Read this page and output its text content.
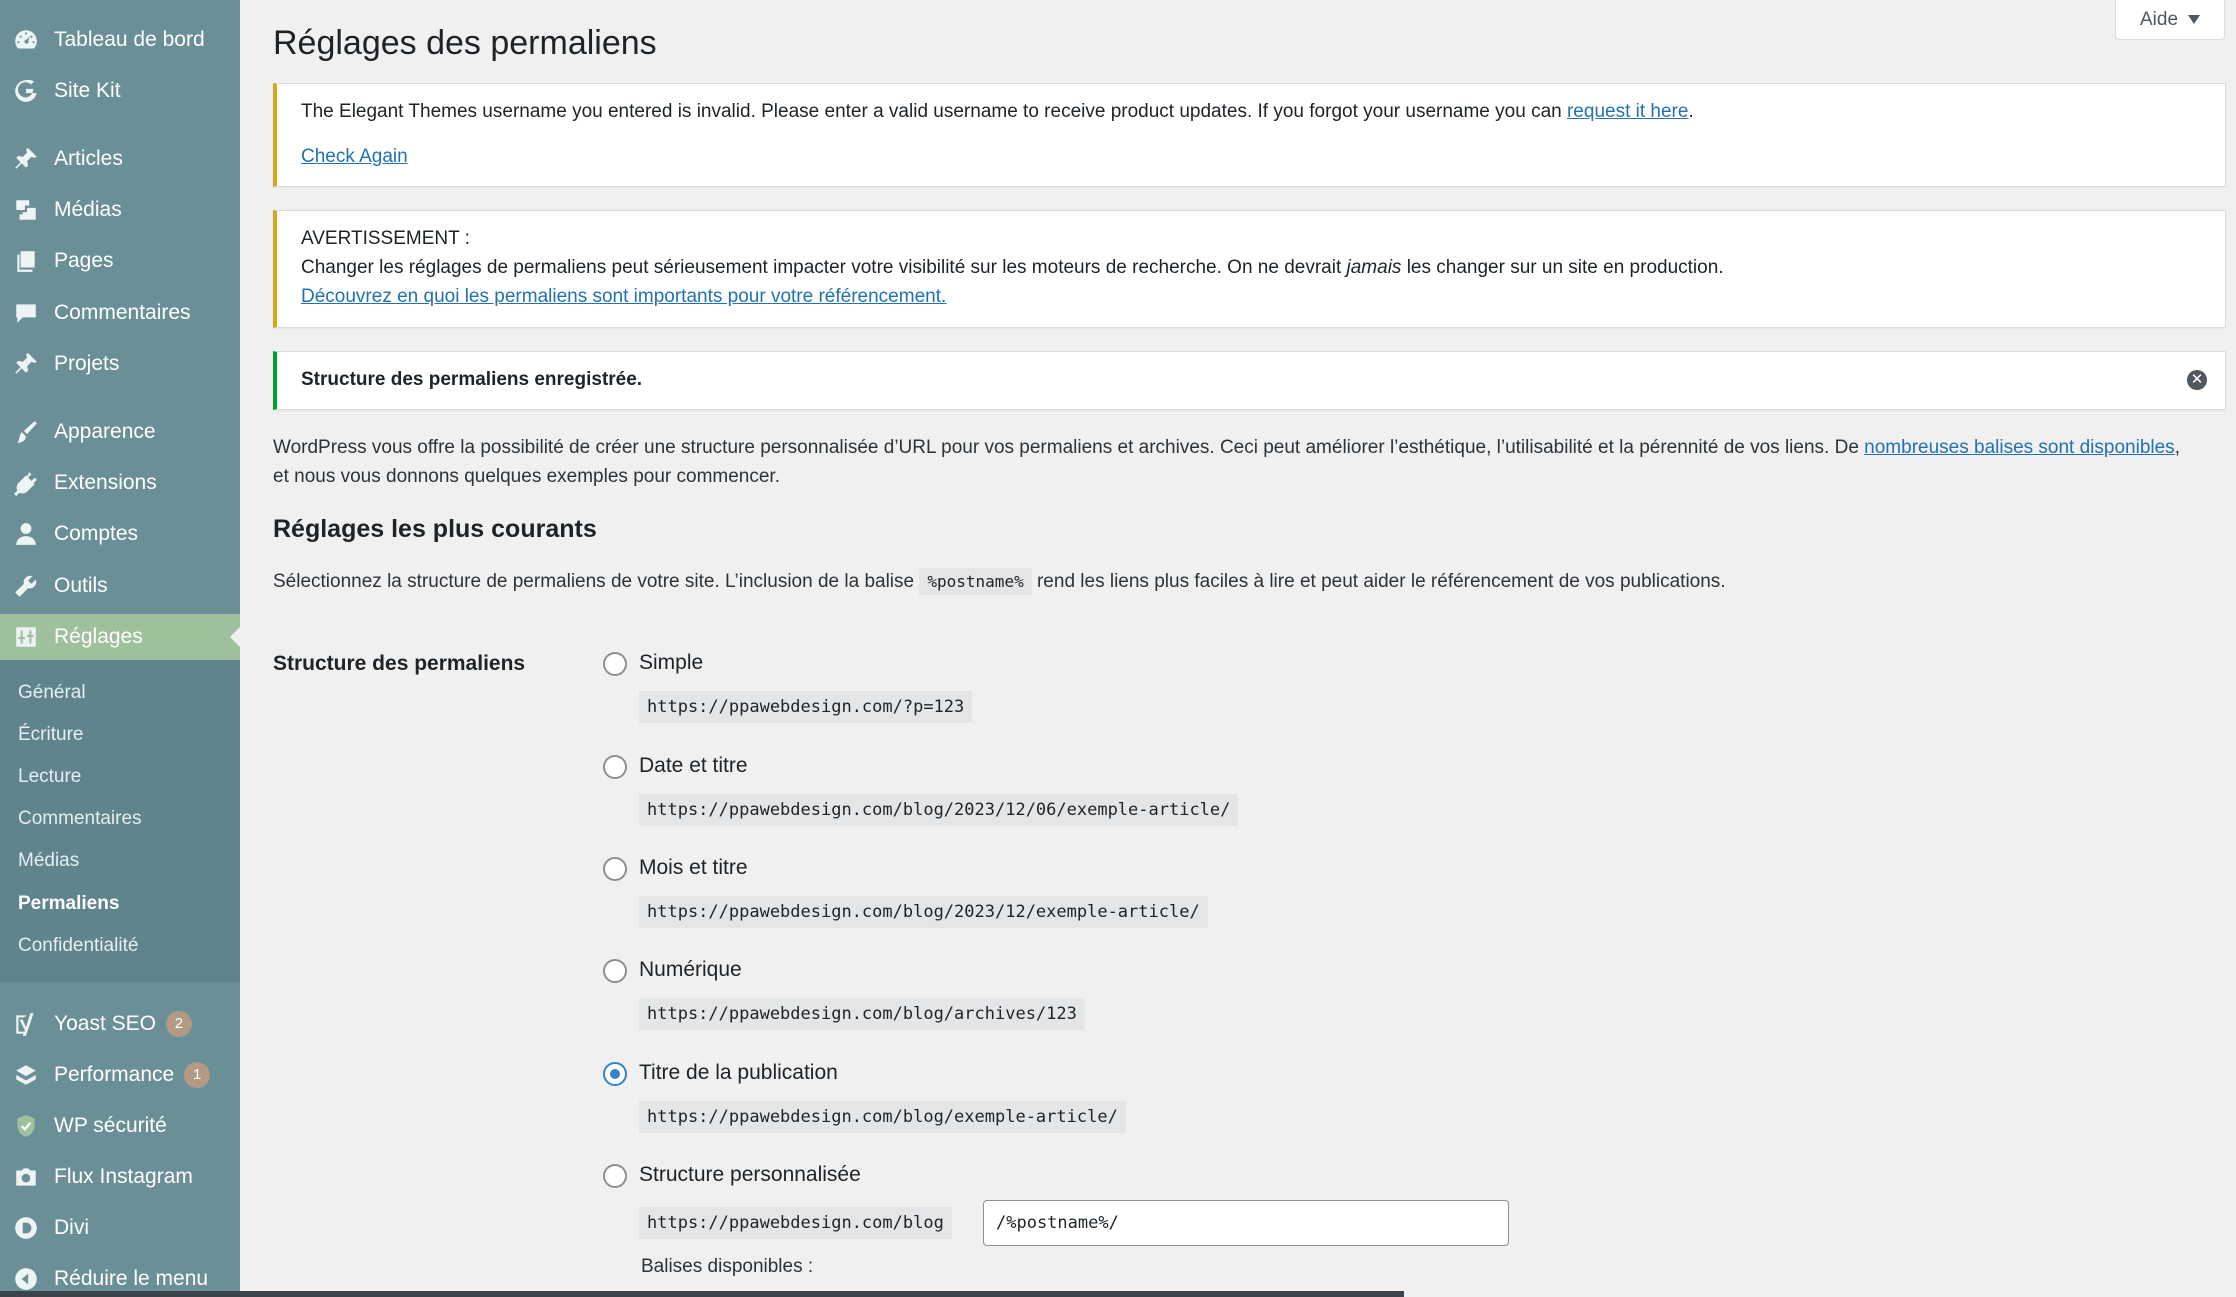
Tableau de bord
Site Kit
Articles
Médias
Pages
Commentaires
Projets
Apparence
Extensions
Comptes
Outils
Réglages
Général
Écriture
Lecture
Commentaires
Médias
Permaliens
Confidentialité
Yoast SEO	2
Performance	1
WP sécurité
Flux Instagram
Divi
Réduire le menu
Réglages des permaliens
Aide

The Elegant Themes username you entered is invalid. Please enter a valid username to receive product updates. If you forgot your username you can request it here.

Check Again

AVERTISSEMENT :

Changer les réglages de permaliens peut sérieusement impacter votre visibilité sur les moteurs de recherche. On ne devrait jamais les changer sur un site en production.

Découvrez en quoi les permaliens sont importants pour votre référencement.

Structure des permaliens enregistrée.	✕
WordPress vous offre la possibilité de créer une structure personnalisée d’URL pour vos permaliens et archives. Ceci peut améliorer l’esthétique, l’utilisabilité et la pérennité de vos liens. De nombreuses balises sont disponibles,
et nous vous donnons quelques exemples pour commencer.
Réglages les plus courants
Sélectionnez la structure de permaliens de votre site. L’inclusion de la balise %postname% rend les liens plus faciles à lire et peut aider le référencement de vos publications.
Structure des permaliens	Simple
https://ppawebdesign.com/?p=123
Date et titre
https://ppawebdesign.com/blog/2023/12/06/exemple-article/
Mois et titre
https://ppawebdesign.com/blog/2023/12/exemple-article/
Numérique
https://ppawebdesign.com/blog/archives/123
Titre de la publication
https://ppawebdesign.com/blog/exemple-article/
Structure personnalisée
https://ppawebdesign.com/blog
Balises disponibles :
/%postname%/
